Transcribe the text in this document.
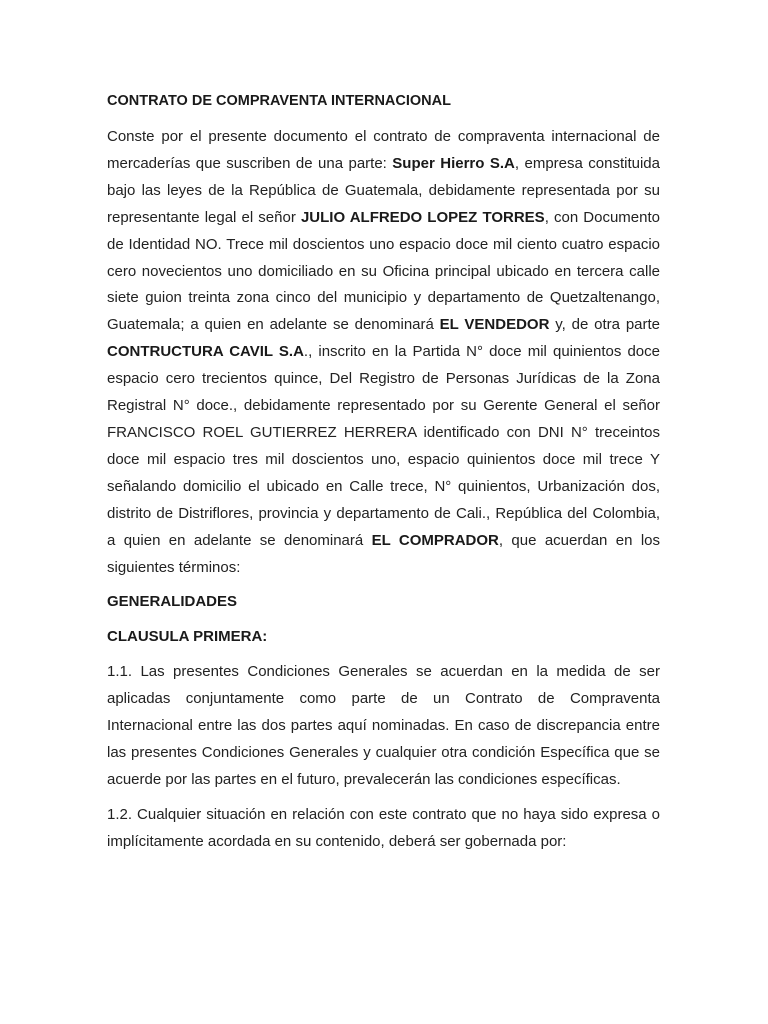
CONTRATO DE COMPRAVENTA INTERNACIONAL

Conste por el presente documento el contrato de compraventa internacional de mercaderías que suscriben de una parte: Super Hierro S.A, empresa constituida bajo las leyes de la República de Guatemala, debidamente representada por su representante legal el señor JULIO ALFREDO LOPEZ TORRES, con Documento de Identidad NO. Trece mil doscientos uno espacio doce mil ciento cuatro espacio cero novecientos uno domiciliado en su Oficina principal ubicado en tercera calle siete guion treinta zona cinco del municipio y departamento de Quetzaltenango, Guatemala; a quien en adelante se denominará EL VENDEDOR y, de otra parte CONTRUCTURA CAVIL S.A., inscrito en la Partida N° doce mil quinientos doce espacio cero trecientos quince, Del Registro de Personas Jurídicas de la Zona Registral N° doce., debidamente representado por su Gerente General el señor FRANCISCO ROEL GUTIERREZ HERRERA identificado con DNI N° treceintos doce mil espacio tres mil doscientos uno, espacio quinientos doce mil trece Y señalando domicilio el ubicado en Calle trece, N° quinientos, Urbanización dos, distrito de Distriflores, provincia y departamento de Cali., República del Colombia, a quien en adelante se denominará EL COMPRADOR, que acuerdan en los siguientes términos:

GENERALIDADES
CLAUSULA PRIMERA:

1.1. Las presentes Condiciones Generales se acuerdan en la medida de ser aplicadas conjuntamente como parte de un Contrato de Compraventa Internacional entre las dos partes aquí nominadas. En caso de discrepancia entre las presentes Condiciones Generales y cualquier otra condición Específica que se acuerde por las partes en el futuro, prevalecerán las condiciones específicas.

1.2. Cualquier situación en relación con este contrato que no haya sido expresa o implícitamente acordada en su contenido, deberá ser gobernada por:
